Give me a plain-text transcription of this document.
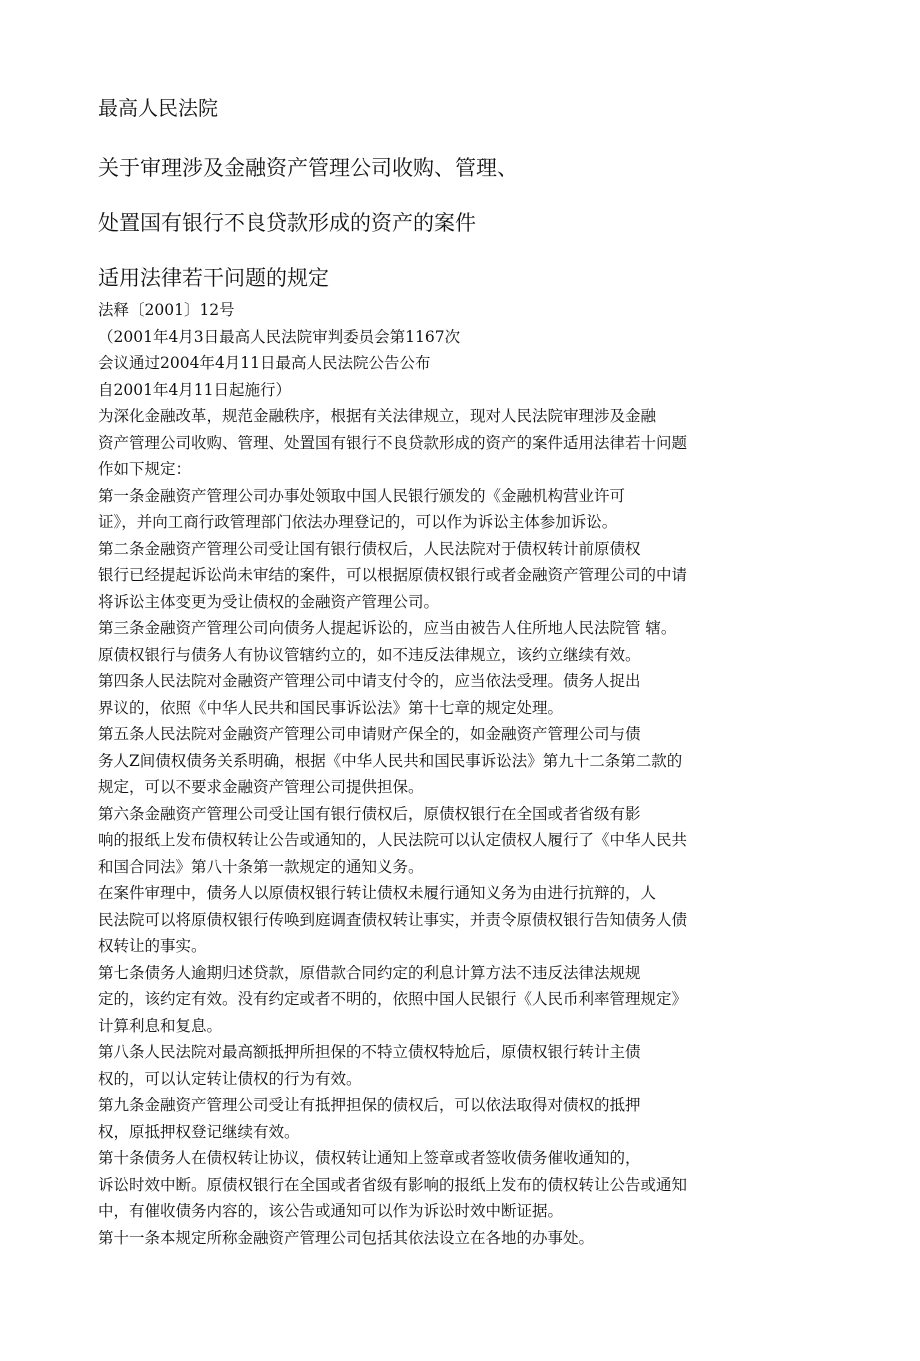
最高人民法院
关于审理涉及金融资产管理公司收购、管理、
处置国有银行不良贷款形成的资产的案件
适用法律若干问题的规定
法释〔2001〕12号
（2001年4月3日最高人民法院审判委员会第1167次
会议通过2004年4月11日最高人民法院公告公布
自2001年4月11日起施行）
为深化金融改革，规范金融秩序，根据有关法律规立，现对人民法院审理涉及金融
资产管理公司收购、管理、处置国有银行不良贷款形成的资产的案件适用法律若十问题
作如下规定：
第一条金融资产管理公司办事处领取中国人民银行颁发的《金融机构营业许可
证》，并向工商行政管理部门依法办理登记的，可以作为诉讼主体参加诉讼。
第二条金融资产管理公司受让国有银行债权后，人民法院对于债权转计前原债权
银行已经提起诉讼尚未审结的案件，可以根据原债权银行或者金融资产管理公司的中请
将诉讼主体变更为受让债权的金融资产管理公司。
第三条金融资产管理公司向债务人提起诉讼的，应当由被告人住所地人民法院管 辖。
原债权银行与债务人有协议管辖约立的，如不违反法律规立，该约立继续有效。
第四条人民法院对金融资产管理公司中请支付令的，应当依法受理。债务人捉出
界议的，依照《中华人民共和国民事诉讼法》第十七章的规定处理。
第五条人民法院对金融资产管理公司申请财产保全的，如金融资产管理公司与债
务人Z间债权债务关系明确，根据《中华人民共和国民事诉讼法》第九十二条第二款的
规定，可以不要求金融资产管理公司提供担保。
第六条金融资产管理公司受让国有银行债权后，原债权银行在全国或者省级有影
响的报纸上发布债权转让公告或通知的，人民法院可以认定债权人履行了《中华人民共
和国合同法》第八十条第一款规定的通知义务。
在案件审理中，债务人以原债权银行转让债权未履行通知义务为由进行抗辩的，人
民法院可以将原债权银行传唤到庭调査债权转让事实，并责令原债权银行告知债务人债
权转让的事实。
第七条债务人逾期归述贷款，原借款合同约定的利息计算方法不违反法律法规规
定的，该约定有效。没有约定或者不明的，依照中国人民银行《人民币利率管理规定》
计算利息和复息。
第八条人民法院对最高额抵押所担保的不特立债权特尬后，原债权银行转计主债
权的，可以认定转让债权的行为有效。
第九条金融资产管理公司受让有抵押担保的债权后，可以依法取得对债权的抵押
权，原抵押权登记继续有效。
第十条债务人在债权转让协议，债权转让通知上签章或者签收债务催收通知的，
诉讼时效中断。原债权银行在全国或者省级有影响的报纸上发布的债权转让公告或通知
中，有催收债务内容的，该公告或通知可以作为诉讼时效中断证据。
第十一条本规定所称金融资产管理公司包括其依法设立在各地的办事处。
